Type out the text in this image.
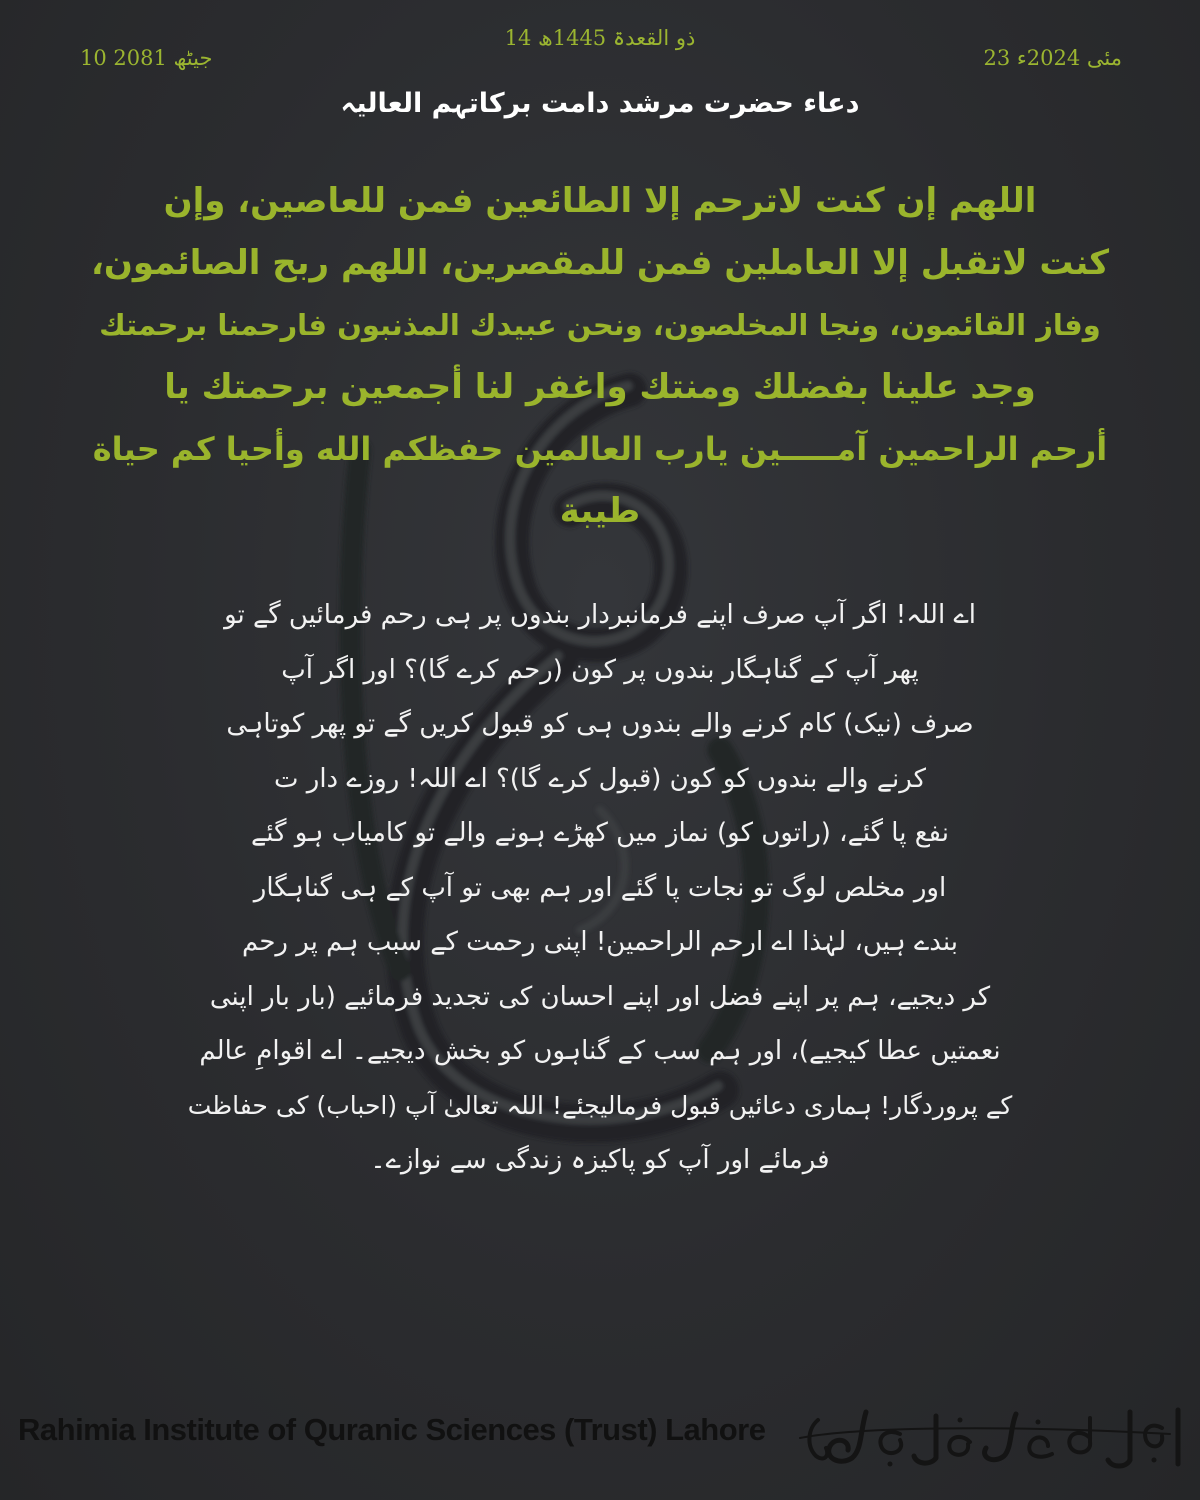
23 مئی 2024ء
14 ذو القعدۃ 1445ھ
10 جیٹھ 2081
دعاء حضرت مرشد دامت برکاتہم العالیہ
اللهم إن كنت لاترحم إلا الطائعين فمن للعاصين، وإن
كنت لاتقبل إلا العاملين فمن للمقصرين، اللهم ربح الصائمون،
وفاز القائمون، ونجا المخلصون، ونحن عبيدك المذنبون فارحمنا برحمتك
وجد علينا بفضلك ومنتك واغفر لنا أجمعين برحمتك يا
أرحم الراحمين آمـــــين يارب العالمين حفظكم الله وأحيا كم حياة
طيبة
اے اللہ! اگر آپ صرف اپنے فرمانبردار بندوں پر ہی رحم فرمائیں گے تو
پھر آپ کے گناہگار بندوں پر کون (رحم کرے گا)؟ اور اگر آپ
صرف (نیک) کام کرنے والے بندوں ہی کو قبول کریں گے تو پھر کوتاہی
کرنے والے بندوں کو کون (قبول کرے گا)؟ اے اللہ! روزے دار ت
نفع پا گئے، (راتوں کو) نماز میں کھڑے ہونے والے تو کامیاب ہو گئے
اور مخلص لوگ تو نجات پا گئے اور ہم بھی تو آپ کے ہی گناہگار
بندے ہیں، لہٰذا اے ارحم الراحمین! اپنی رحمت کے سبب ہم پر رحم
کر دیجیے، ہم پر اپنے فضل اور اپنے احسان کی تجدید فرمائیے (بار بار اپنی
نعمتیں عطا کیجیے)، اور ہم سب کے گناہوں کو بخش دیجیے۔ اے اقوامِ عالم
کے پروردگار! ہماری دعائیں قبول فرمالیجئے! اللہ تعالیٰ آپ (احباب) کی حفاظت
فرمائے اور آپ کو پاکیزہ زندگی سے نوازے۔
Rahimia Institute of Quranic Sciences (Trust) Lahore
